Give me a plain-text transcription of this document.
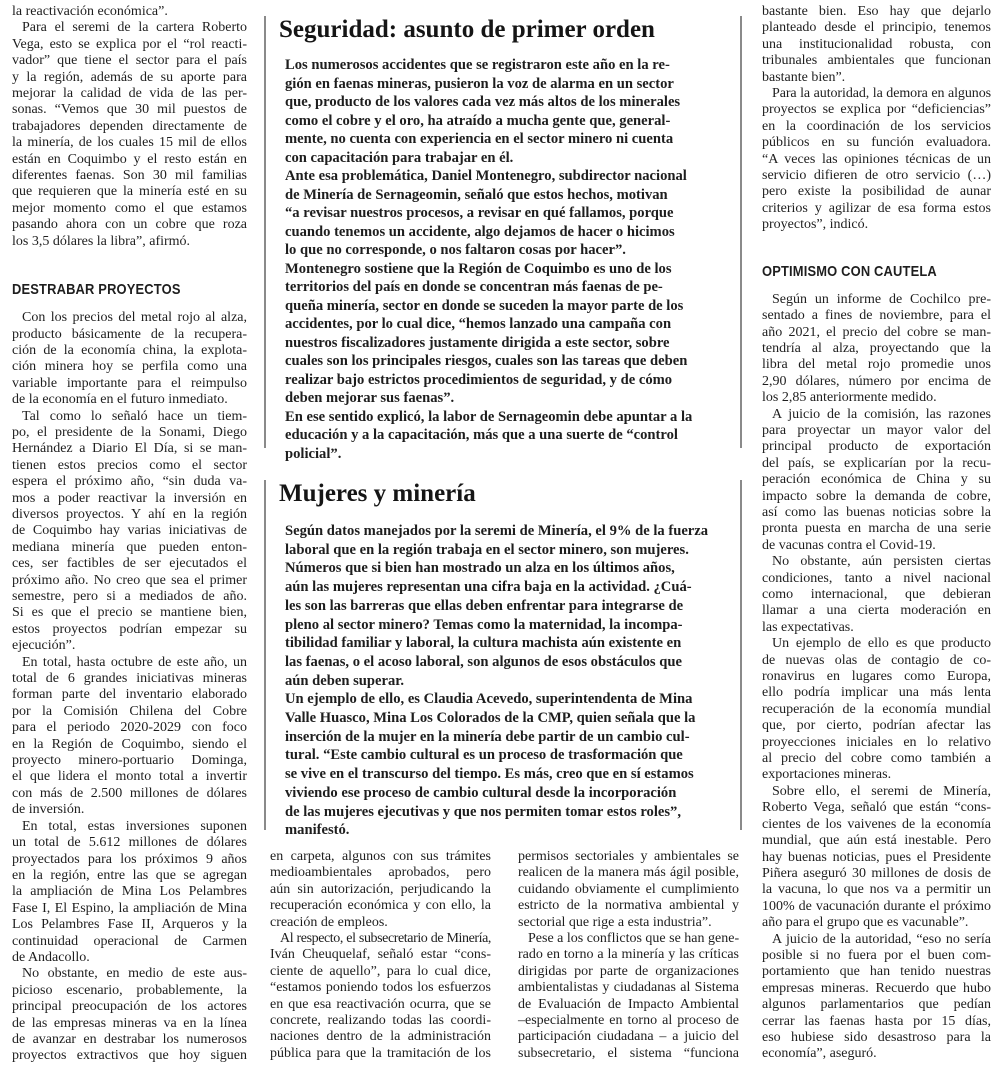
la reactivación económica”.
Para el seremi de la cartera Roberto
Vega, esto se explica por el “rol reacti-
vador” que tiene el sector para el país
y la región, además de su aporte para
mejorar la calidad de vida de las per-
sonas. “Vemos que 30 mil puestos de
trabajadores dependen directamente de
la minería, de los cuales 15 mil de ellos
están en Coquimbo y el resto están en
diferentes faenas. Son 30 mil familias
que requieren que la minería esté en su
mejor momento como el que estamos
pasando ahora con un cobre que roza
los 3,5 dólares la libra”, afirmó.
DESTRABAR PROYECTOS
Con los precios del metal rojo al alza,
producto básicamente de la recupera-
ción de la economía china, la explota-
ción minera hoy se perfila como una
variable importante para el reimpulso
de la economía en el futuro inmediato.
Tal como lo señaló hace un tiem-
po, el presidente de la Sonami, Diego
Hernández a Diario El Día, si se man-
tienen estos precios como el sector
espera el próximo año, “sin duda va-
mos a poder reactivar la inversión en
diversos proyectos. Y ahí en la región
de Coquimbo hay varias iniciativas de
mediana minería que pueden enton-
ces, ser factibles de ser ejecutados el
próximo año. No creo que sea el primer
semestre, pero si a mediados de año.
Si es que el precio se mantiene bien,
estos proyectos podrían empezar su
ejecución”.
En total, hasta octubre de este año, un
total de 6 grandes iniciativas mineras
forman parte del inventario elaborado
por la Comisión Chilena del Cobre
para el periodo 2020-2029 con foco
en la Región de Coquimbo, siendo el
proyecto minero-portuario Dominga,
el que lidera el monto total a invertir
con más de 2.500 millones de dólares
de inversión.
En total, estas inversiones suponen
un total de 5.612 millones de dólares
proyectados para los próximos 9 años
en la región, entre las que se agregan
la ampliación de Mina Los Pelambres
Fase I, El Espino, la ampliación de Mina
Los Pelambres Fase II, Arqueros y la
continuidad operacional de Carmen
de Andacollo.
No obstante, en medio de este aus-
picioso escenario, probablemente, la
principal preocupación de los actores
de las empresas mineras va en la línea
de avanzar en destrabar los numerosos
proyectos extractivos que hoy siguen
Seguridad: asunto de primer orden
Los numerosos accidentes que se registraron este año en la re-
gión en faenas mineras, pusieron la voz de alarma en un sector
que, producto de los valores cada vez más altos de los minerales
como el cobre y el oro, ha atraído a mucha gente que, general-
mente, no cuenta con experiencia en el sector minero ni cuenta
con capacitación para trabajar en él.
Ante esa problemática, Daniel Montenegro, subdirector nacional
de Minería de Sernageomin, señaló que estos hechos, motivan
“a revisar nuestros procesos, a revisar en qué fallamos, porque
cuando tenemos un accidente, algo dejamos de hacer o hicimos
lo que no corresponde, o nos faltaron cosas por hacer”.
Montenegro sostiene que la Región de Coquimbo es uno de los
territorios del país en donde se concentran más faenas de pe-
queña minería, sector en donde se suceden la mayor parte de los
accidentes, por lo cual dice, “hemos lanzado una campaña con
nuestros fiscalizadores justamente dirigida a este sector, sobre
cuales son los principales riesgos, cuales son las tareas que deben
realizar bajo estrictos procedimientos de seguridad, y de cómo
deben mejorar sus faenas”.
En ese sentido explicó, la labor de Sernageomin debe apuntar a la
educación y a la capacitación, más que a una suerte de “control
policial”.
Mujeres y minería
Según datos manejados por la seremi de Minería, el 9% de la fuerza
laboral que en la región trabaja en el sector minero, son mujeres.
Números que si bien han mostrado un alza en los últimos años,
aún las mujeres representan una cifra baja en la actividad. ¿Cuá-
les son las barreras que ellas deben enfrentar para integrarse de
pleno al sector minero? Temas como la maternidad, la incompa-
tibilidad familiar y laboral, la cultura machista aún existente en
las faenas, o el acoso laboral, son algunos de esos obstáculos que
aún deben superar.
Un ejemplo de ello, es Claudia Acevedo, superintendenta de Mina
Valle Huasco, Mina Los Colorados de la CMP, quien señala que la
inserción de la mujer en la minería debe partir de un cambio cul-
tural. “Este cambio cultural es un proceso de trasformación que
se vive en el transcurso del tiempo. Es más, creo que en sí estamos
viviendo ese proceso de cambio cultural desde la incorporación
de las mujeres ejecutivas y que nos permiten tomar estos roles”,
manifestó.
en carpeta, algunos con sus trámites
medioambientales aprobados, pero
aún sin autorización, perjudicando la
recuperación económica y con ello, la
creación de empleos.
Al respecto, el subsecretario de Minería,
Iván Cheuquelaf, señaló estar “cons-
ciente de aquello”, para lo cual dice,
“estamos poniendo todos los esfuerzos
en que esa reactivación ocurra, que se
concrete, realizando todas las coordi-
naciones dentro de la administración
pública para que la tramitación de los
permisos sectoriales y ambientales se
realicen de la manera más ágil posible,
cuidando obviamente el cumplimiento
estricto de la normativa ambiental y
sectorial que rige a esta industria”.
Pese a los conflictos que se han gene-
rado en torno a la minería y las críticas
dirigidas por parte de organizaciones
ambientalistas y ciudadanas al Sistema
de Evaluación de Impacto Ambiental
–especialmente en torno al proceso de
participación ciudadana – a juicio del
subsecretario, el sistema “funciona
bastante bien. Eso hay que dejarlo
planteado desde el principio, tenemos
una institucionalidad robusta, con
tribunales ambientales que funcionan
bastante bien”.
Para la autoridad, la demora en algunos
proyectos se explica por “deficiencias”
en la coordinación de los servicios
públicos en su función evaluadora.
“A veces las opiniones técnicas de un
servicio difieren de otro servicio (…)
pero existe la posibilidad de aunar
criterios y agilizar de esa forma estos
proyectos”, indicó.
OPTIMISMO CON CAUTELA
Según un informe de Cochilco pre-
sentado a fines de noviembre, para el
año 2021, el precio del cobre se man-
tendría al alza, proyectando que la
libra del metal rojo promedie unos
2,90 dólares, número por encima de
los 2,85 anteriormente medido.
A juicio de la comisión, las razones
para proyectar un mayor valor del
principal producto de exportación
del país, se explicarían por la recu-
peración económica de China y su
impacto sobre la demanda de cobre,
así como las buenas noticias sobre la
pronta puesta en marcha de una serie
de vacunas contra el Covid-19.
No obstante, aún persisten ciertas
condiciones, tanto a nivel nacional
como internacional, que debieran
llamar a una cierta moderación en
las expectativas.
Un ejemplo de ello es que producto
de nuevas olas de contagio de co-
ronavirus en lugares como Europa,
ello podría implicar una más lenta
recuperación de la economía mundial
que, por cierto, podrían afectar las
proyecciones iniciales en lo relativo
al precio del cobre como también a
exportaciones mineras.
Sobre ello, el seremi de Minería,
Roberto Vega, señaló que están “cons-
cientes de los vaivenes de la economía
mundial, que aún está inestable. Pero
hay buenas noticias, pues el Presidente
Piñera aseguró 30 millones de dosis de
la vacuna, lo que nos va a permitir un
100% de vacunación durante el próximo
año para el grupo que es vacunable”.
A juicio de la autoridad, “eso no sería
posible si no fuera por el buen com-
portamiento que han tenido nuestras
empresas mineras. Recuerdo que hubo
algunos parlamentarios que pedían
cerrar las faenas hasta por 15 días,
eso hubiese sido desastroso para la
economía”, aseguró.
